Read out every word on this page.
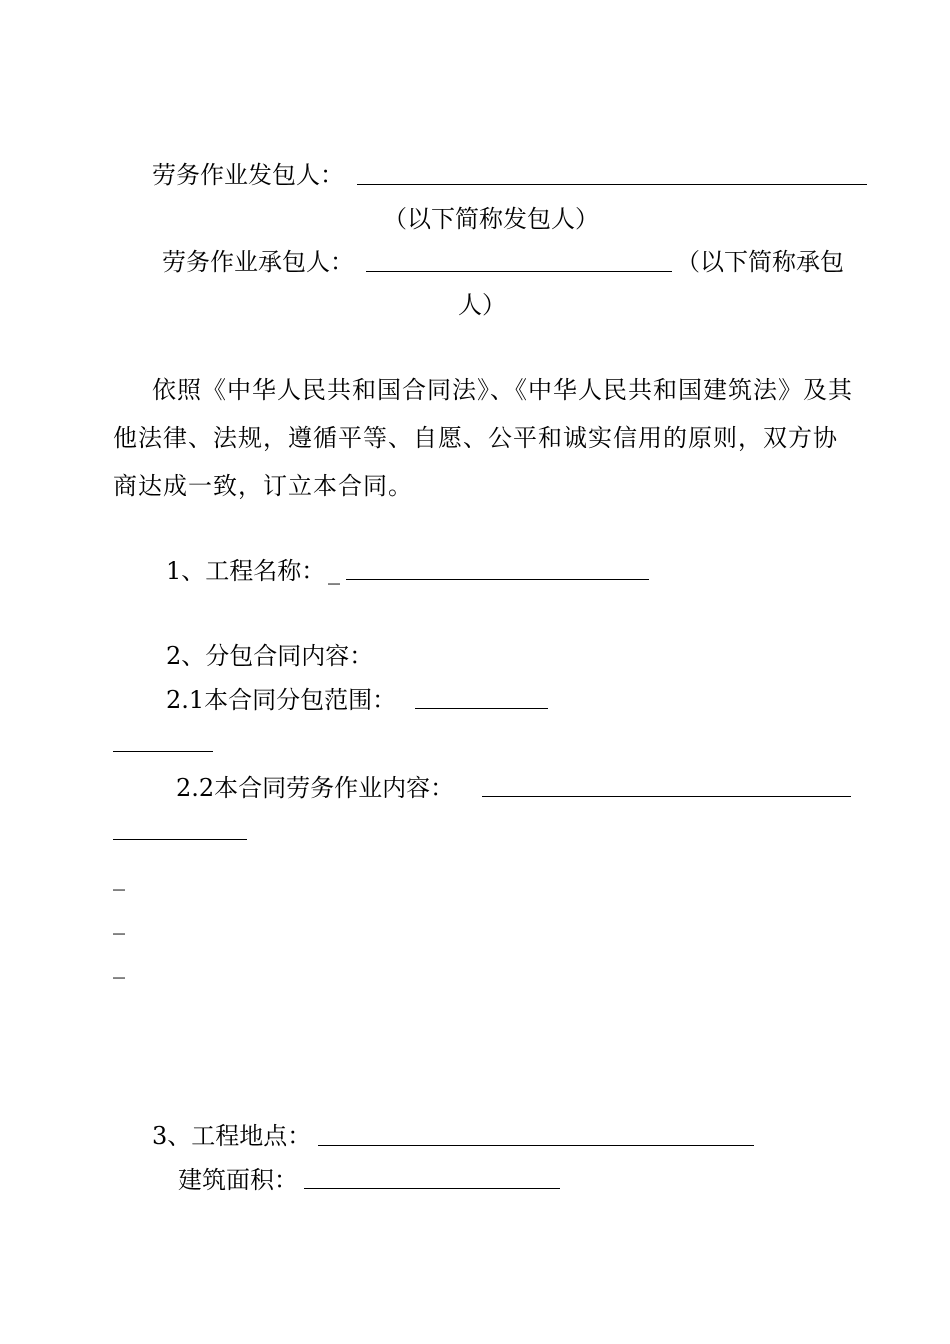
劳务作业发包人：
（以下简称发包人）
劳务作业承包人：	（以下简称承包
人）
依照《中华人民共和国合同法》、《中华人民共和国建筑法》及其他法律、法规，遵循平等、自愿、公平和诚实信用的原则，双方协商达成一致，订立本合同。
1、工程名称： _
2、分包合同内容：
2.1本合同分包范围：
2.2本合同劳务作业内容：
_
_
_
3、工程地点：
建筑面积：
